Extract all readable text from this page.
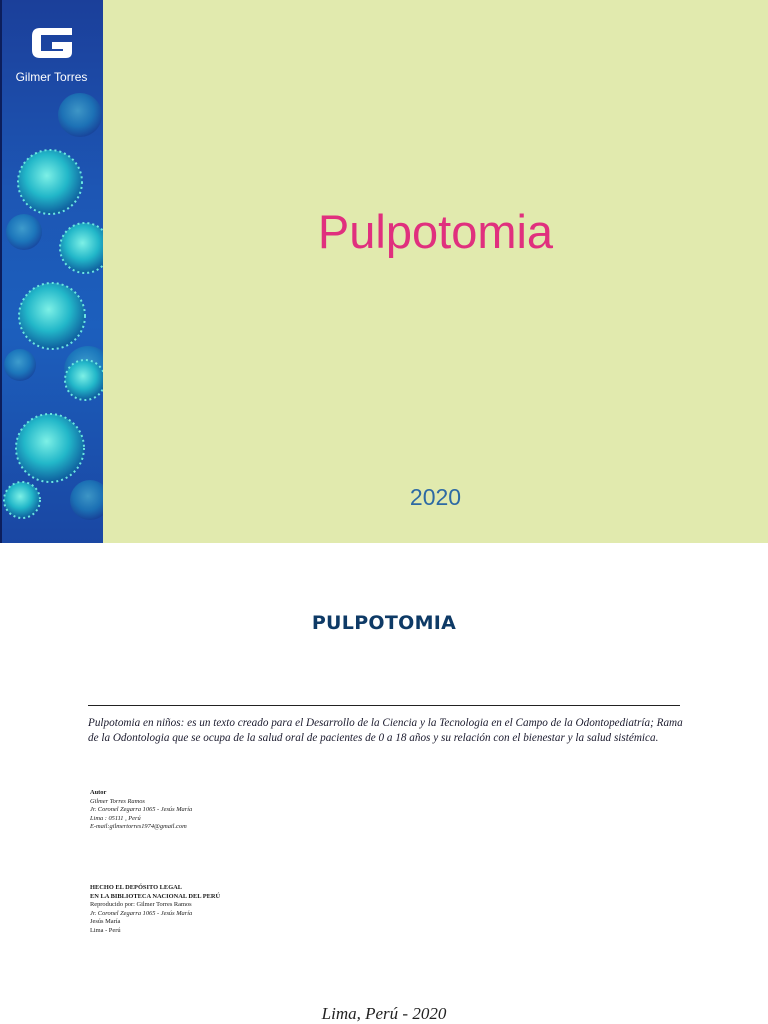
Gilmer Torres
Pulpotomia
2020
PULPOTOMIA
Pulpotomia en niños: es un texto creado para el Desarrollo de la Ciencia y la Tecnologia en el Campo de la Odontopediatría; Rama de la Odontologia que se ocupa de la salud oral de pacientes de 0 a 18 años y su relación con el bienestar y la salud sistémica.
Autor
Gilmer Torres Ramos
Jr. Coronel Zegarra 1065 - Jesús María
Lima : 05111 , Perú
E-mail:gilmertorres1974@gmail.com
HECHO EL DEPÓSITO LEGAL
EN LA BIBLIOTECA NACIONAL DEL PERÚ
Reproducido por: Gilmer Torres Ramos
Jr. Coronel Zegarra 1065 - Jesús María
Jesús María
Lima - Perú
Lima, Perú - 2020
